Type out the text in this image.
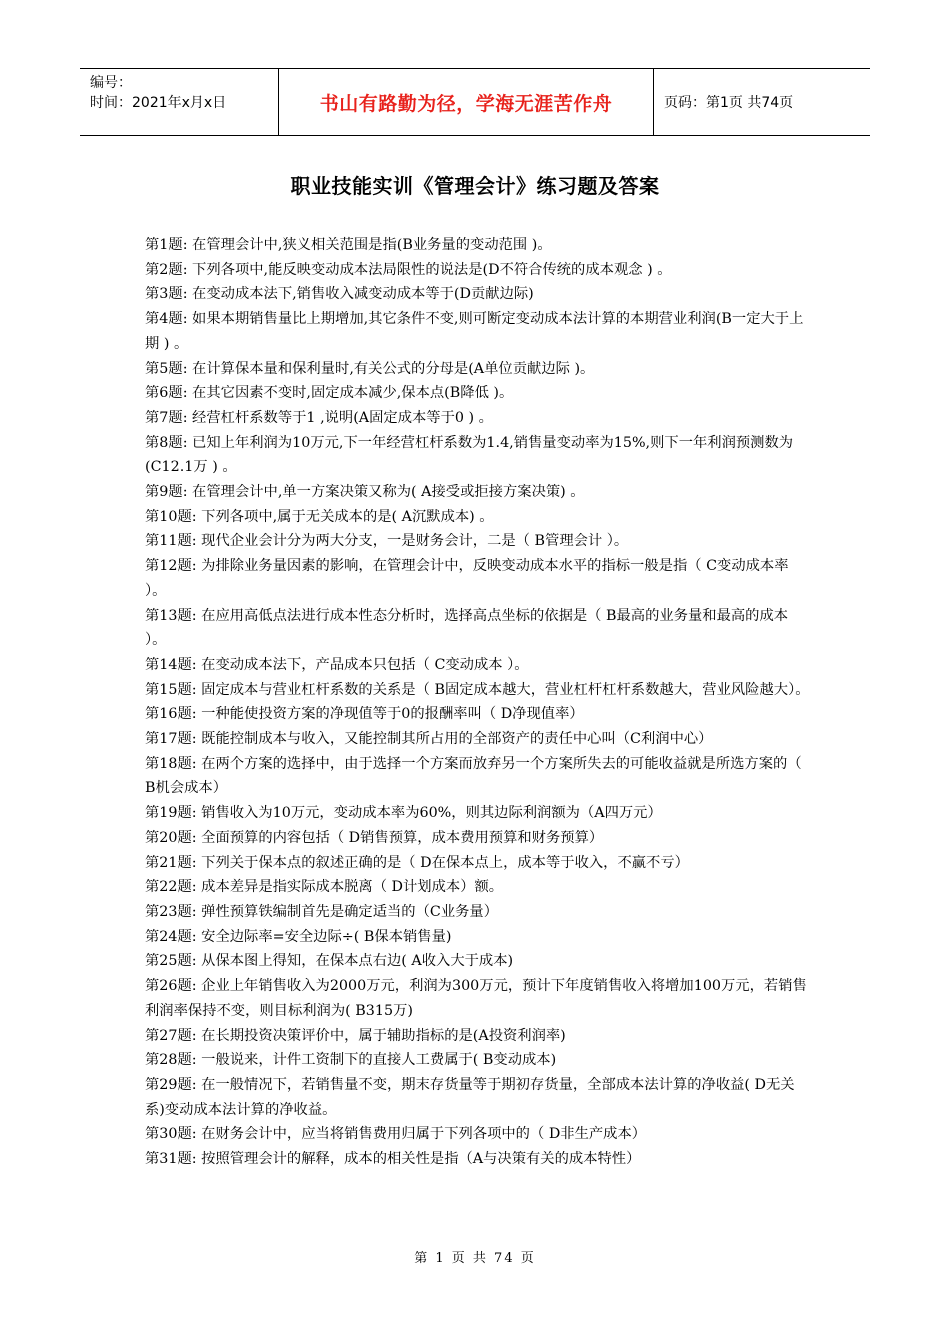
编号：
时间：2021年x月x日	书山有路勤为径，学海无涯苦作舟	页码：第1页 共74页
职业技能实训《管理会计》练习题及答案
第1题: 在管理会计中,狭义相关范围是指(B业务量的变动范围 )。
第2题: 下列各项中,能反映变动成本法局限性的说法是(D不符合传统的成本观念 ) 。
第3题: 在变动成本法下,销售收入减变动成本等于(D贡献边际)
第4题: 如果本期销售量比上期增加,其它条件不变,则可断定变动成本法计算的本期营业利润(B一定大于上期 ) 。
第5题: 在计算保本量和保利量时,有关公式的分母是(A单位贡献边际 )。
第6题: 在其它因素不变时,固定成本减少,保本点(B降低 )。
第7题: 经营杠杆系数等于1 ,说明(A固定成本等于0 ) 。
第8题: 已知上年利润为10万元,下一年经营杠杆系数为1.4,销售量变动率为15%,则下一年利润预测数为(C12.1万 ) 。
第9题: 在管理会计中,单一方案决策又称为( A接受或拒接方案决策) 。
第10题: 下列各项中,属于无关成本的是( A沉默成本) 。
第11题: 现代企业会计分为两大分支，一是财务会计，二是（ B管理会计 ）。
第12题: 为排除业务量因素的影响，在管理会计中，反映变动成本水平的指标一般是指（ C变动成本率 ）。
第13题: 在应用高低点法进行成本性态分析时，选择高点坐标的依据是（ B最高的业务量和最高的成本 ）。
第14题: 在变动成本法下，产品成本只包括（ C变动成本 ）。
第15题: 固定成本与营业杠杆系数的关系是（ B固定成本越大，营业杠杆杠杆系数越大，营业风险越大）。
第16题: 一种能使投资方案的净现值等于0的报酬率叫（ D净现值率）
第17题: 既能控制成本与收入，又能控制其所占用的全部资产的责任中心叫（C利润中心）
第18题: 在两个方案的选择中，由于选择一个方案而放弃另一个方案所失去的可能收益就是所选方案的（ B机会成本）
第19题: 销售收入为10万元，变动成本率为60%，则其边际利润额为（A四万元）
第20题: 全面预算的内容包括（ D销售预算，成本费用预算和财务预算）
第21题: 下列关于保本点的叙述正确的是（ D在保本点上，成本等于收入，不赢不亏）
第22题: 成本差异是指实际成本脱离（ D计划成本）额。
第23题: 弹性预算铁编制首先是确定适当的（C业务量）
第24题: 安全边际率=安全边际÷( B保本销售量)
第25题: 从保本图上得知，在保本点右边( A收入大于成本)
第26题: 企业上年销售收入为2000万元，利润为300万元，预计下年度销售收入将增加100万元，若销售利润率保持不变，则目标利润为( B315万)
第27题: 在长期投资决策评价中，属于辅助指标的是(A投资利润率)
第28题: 一般说来，计件工资制下的直接人工费属于( B变动成本)
第29题: 在一般情况下，若销售量不变，期末存货量等于期初存货量，全部成本法计算的净收益( D无关系)变动成本法计算的净收益。
第30题: 在财务会计中，应当将销售费用归属于下列各项中的（ D非生产成本）
第31题: 按照管理会计的解释，成本的相关性是指（A与决策有关的成本特性）
第 1 页 共 74 页
